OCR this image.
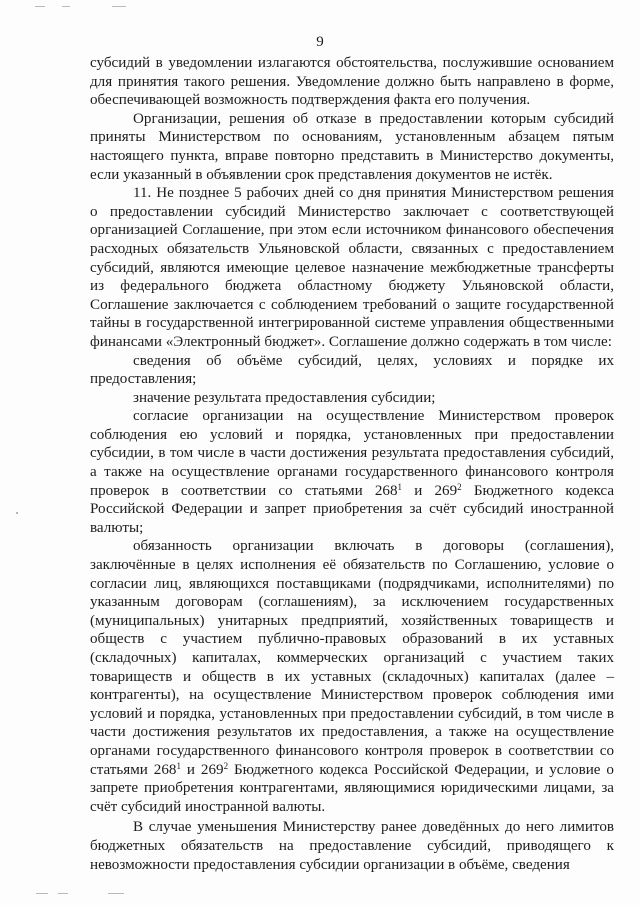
9

субсидий в уведомлении излагаются обстоятельства, послужившие основанием для принятия такого решения. Уведомление должно быть направлено в форме, обеспечивающей возможность подтверждения факта его получения.

Организации, решения об отказе в предоставлении которым субсидий приняты Министерством по основаниям, установленным абзацем пятым настоящего пункта, вправе повторно представить в Министерство документы, если указанный в объявлении срок представления документов не истёк.

11. Не позднее 5 рабочих дней со дня принятия Министерством решения о предоставлении субсидий Министерство заключает с соответствующей организацией Соглашение, при этом если источником финансового обеспечения расходных обязательств Ульяновской области, связанных с предоставлением субсидий, являются имеющие целевое назначение межбюджетные трансферты из федерального бюджета областному бюджету Ульяновской области, Соглашение заключается с соблюдением требований о защите государственной тайны в государственной интегрированной системе управления общественными финансами «Электронный бюджет». Соглашение должно содержать в том числе:

сведения об объёме субсидий, целях, условиях и порядке их предоставления;

значение результата предоставления субсидии;

согласие организации на осуществление Министерством проверок соблюдения ею условий и порядка, установленных при предоставлении субсидии, в том числе в части достижения результата предоставления субсидий, а также на осуществление органами государственного финансового контроля проверок в соответствии со статьями $268^1$ и $269^2$ Бюджетного кодекса Российской Федерации и запрет приобретения за счёт субсидий иностранной валюты;

обязанность организации включать в договоры (соглашения), заключённые в целях исполнения её обязательств по Соглашению, условие о согласии лиц, являющихся поставщиками (подрядчиками, исполнителями) по указанным договорам (соглашениям), за исключением государственных (муниципальных) унитарных предприятий, хозяйственных товариществ и обществ с участием публично-правовых образований в их уставных (складочных) капиталах, коммерческих организаций с участием таких товариществ и обществ в их уставных (складочных) капиталах (далее – контрагенты), на осуществление Министерством проверок соблюдения ими условий и порядка, установленных при предоставлении субсидий, в том числе в части достижения результатов их предоставления, а также на осуществление органами государственного финансового контроля проверок в соответствии со статьями $268^1$ и $269^2$ Бюджетного кодекса Российской Федерации, и условие о запрете приобретения контрагентами, являющимися юридическими лицами, за счёт субсидий иностранной валюты.

В случае уменьшения Министерству ранее доведённых до него лимитов бюджетных обязательств на предоставление субсидий, приводящего к невозможности предоставления субсидии организации в объёме, сведения
